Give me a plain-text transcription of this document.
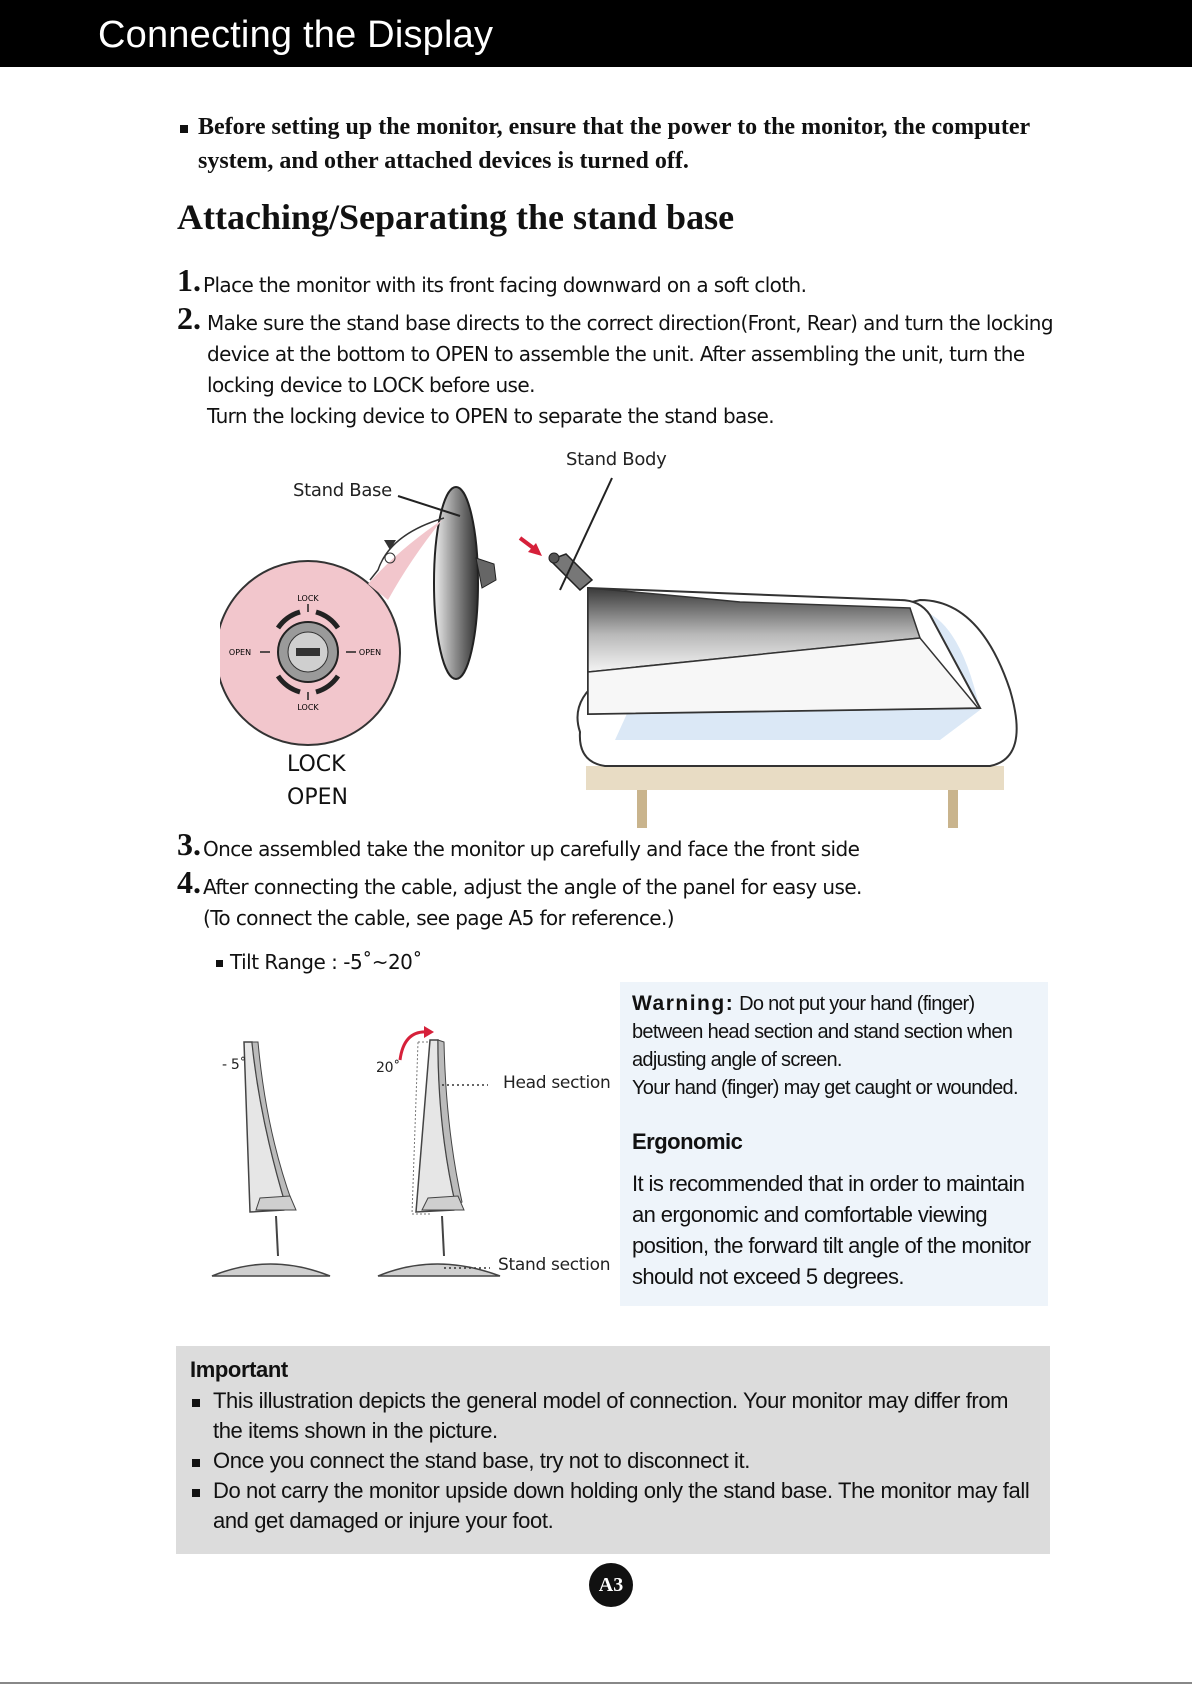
Connecting the Display

Before setting up the monitor, ensure that the power to the monitor, the computer system, and other attached devices is turned off.

Attaching/Separating the stand base
1. Place the monitor with its front facing downward on a soft cloth.
2. Make sure the stand base directs to the correct direction(Front, Rear) and turn the locking
device at the bottom to OPEN to assemble the unit. After assembling the unit, turn the
locking device to LOCK before use.
Turn the locking device to OPEN to separate the stand base.
LOCK
LOCK
OPEN	OPEN
Stand Base
Stand Body
LOCK
OPEN
3. Once assembled take the monitor up carefully and face the front side
4. After connecting the cable, adjust the angle of the panel for easy use.
(To connect the cable, see page A5 for reference.)
Tilt Range : -5˚~20˚
- 5˚	20˚
Head section
Stand section

Warning: Do not put your hand (finger) between head section and stand section when adjusting angle of screen.
Your hand (finger) may get caught or wounded.

Ergonomic

It is recommended that in order to maintain an ergonomic and comfortable viewing position, the forward tilt angle of the monitor should not exceed 5 degrees.

Important
This illustration depicts the general model of connection. Your monitor may differ from the items shown in the picture.
Once you connect the stand base, try not to disconnect it.
Do not carry the monitor upside down holding only the stand base. The monitor may fall and get damaged or injure your foot.
A3
